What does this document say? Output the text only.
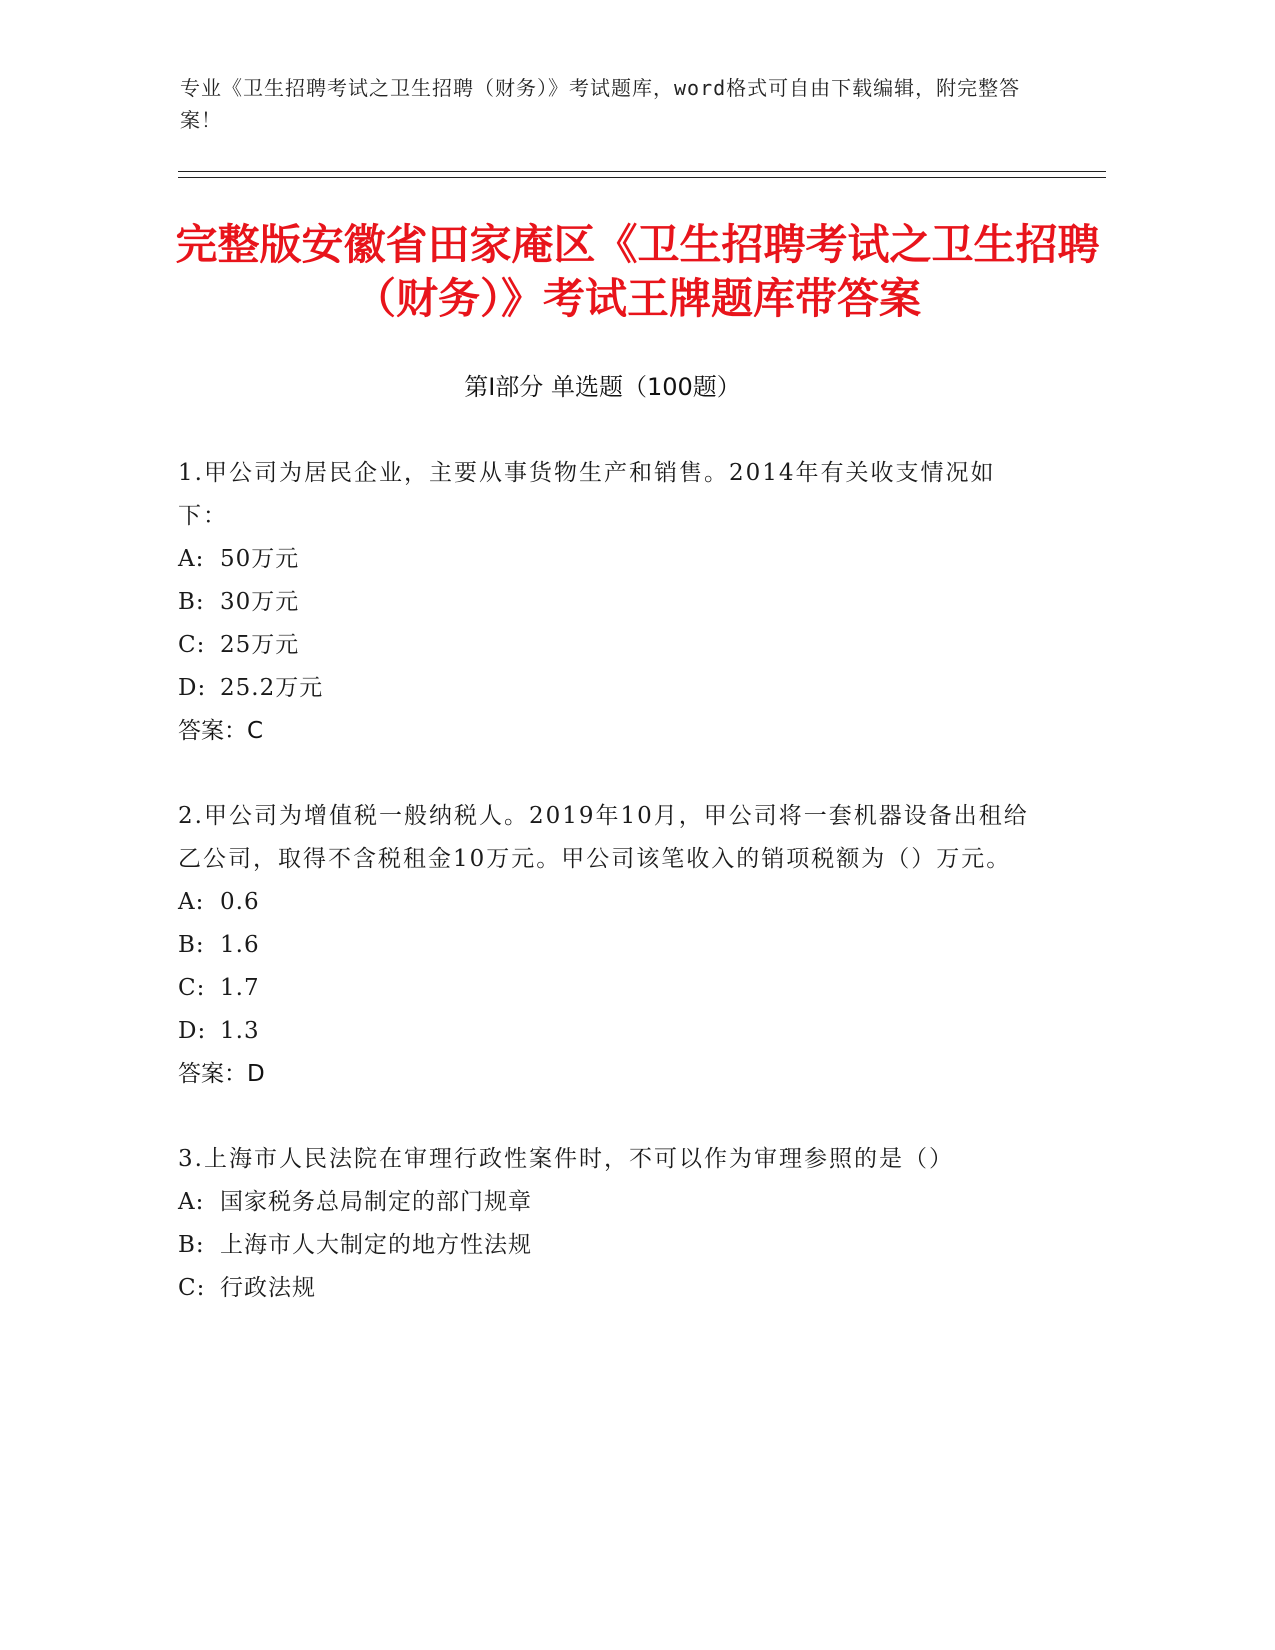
专业《卫生招聘考试之卫生招聘（财务）》考试题库，word格式可自由下载编辑，附完整答案！
完整版安徽省田家庵区《卫生招聘考试之卫生招聘（财务）》考试王牌题库带答案
第Ⅰ部分 单选题（100题）
1.甲公司为居民企业，主要从事货物生产和销售。2014年有关收支情况如下：
A: 50万元
B: 30万元
C: 25万元
D: 25.2万元
答案：C
2.甲公司为增值税一般纳税人。2019年10月，甲公司将一套机器设备出租给乙公司，取得不含税租金10万元。甲公司该笔收入的销项税额为（）万元。
A: 0.6
B: 1.6
C: 1.7
D: 1.3
答案：D
3.上海市人民法院在审理行政性案件时，不可以作为审理参照的是（）
A: 国家税务总局制定的部门规章
B: 上海市人大制定的地方性法规
C: 行政法规
